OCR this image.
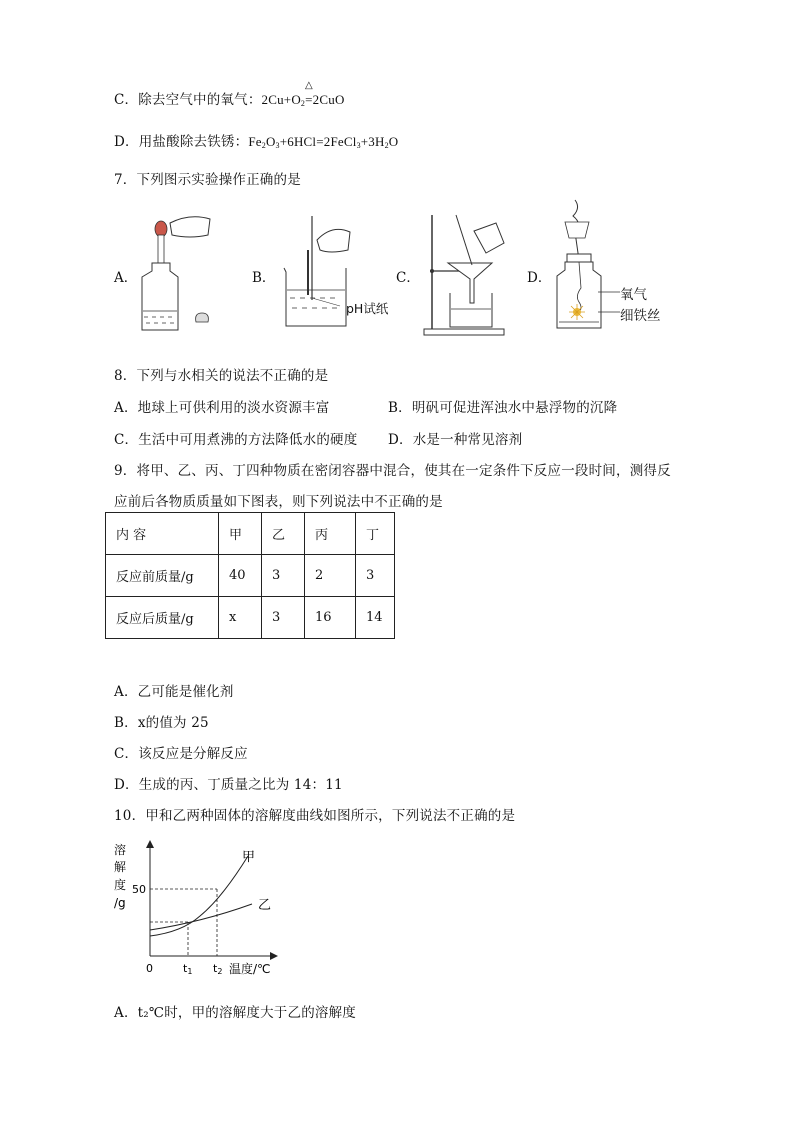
C．除去空气中的氧气：$2Cu+O_2$
△
=2CuO
D．用盐酸除去铁锈：$Fe_2O_3+6HCl=2FeCl_3+3H_2O$
7．下列图示实验操作正确的是
A．	B．	C．	D．
pH试纸
氧气
细铁丝
8．下列与水相关的说法不正确的是
A．地球上可供利用的淡水资源丰富	B．明矾可促进浑浊水中悬浮物的沉降
C．生活中可用煮沸的方法降低水的硬度 D．水是一种常见溶剂
9．将甲、乙、丙、丁四种物质在密闭容器中混合，使其在一定条件下反应一段时间，测得反
应前后各物质质量如下图表，则下列说法中不正确的是
内 容	甲	乙	丙	丁
反应前质量/g	40	3	2	3
反应后质量/g	x	3	16	14
A．乙可能是催化剂
B．x的值为 25
C．该反应是分解反应
D．生成的丙、丁质量之比为 14：11
10．甲和乙两种固体的溶解度曲线如图所示，下列说法不正确的是
溶
解
度
/g
50
0	t1 t2 温度/℃
甲
乙
A．t₂℃时，甲的溶解度大于乙的溶解度
